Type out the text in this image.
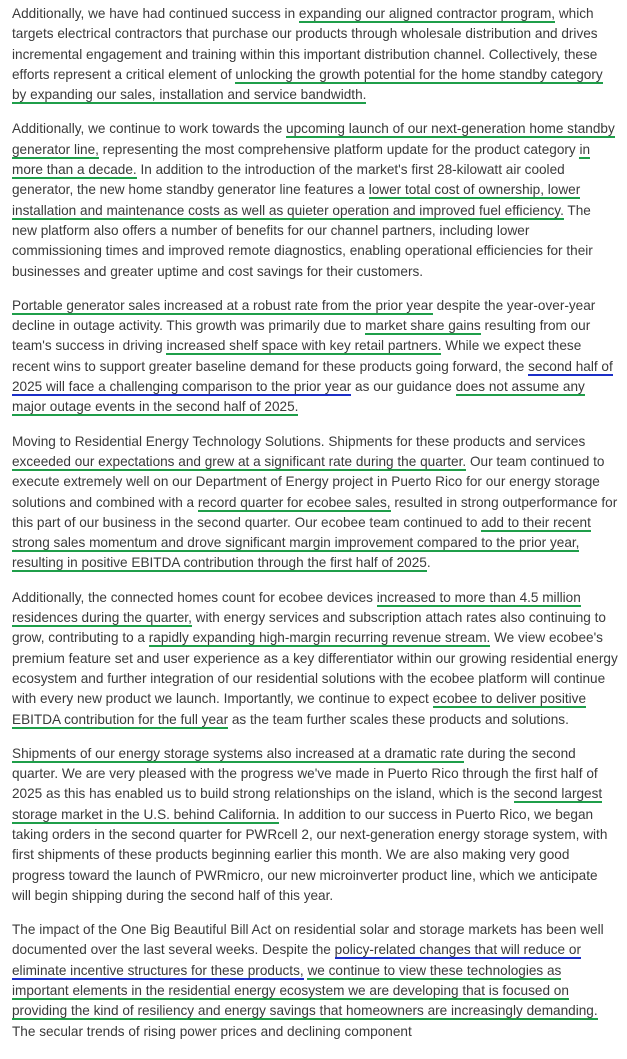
Additionally, we have had continued success in expanding our aligned contractor program, which targets electrical contractors that purchase our products through wholesale distribution and drives incremental engagement and training within this important distribution channel. Collectively, these efforts represent a critical element of unlocking the growth potential for the home standby category by expanding our sales, installation and service bandwidth.

Additionally, we continue to work towards the upcoming launch of our next-generation home standby generator line, representing the most comprehensive platform update for the product category in more than a decade. In addition to the introduction of the market's first 28-kilowatt air cooled generator, the new home standby generator line features a lower total cost of ownership, lower installation and maintenance costs as well as quieter operation and improved fuel efficiency. The new platform also offers a number of benefits for our channel partners, including lower commissioning times and improved remote diagnostics, enabling operational efficiencies for their businesses and greater uptime and cost savings for their customers.

Portable generator sales increased at a robust rate from the prior year despite the year-over-year decline in outage activity. This growth was primarily due to market share gains resulting from our team's success in driving increased shelf space with key retail partners. While we expect these recent wins to support greater baseline demand for these products going forward, the second half of 2025 will face a challenging comparison to the prior year as our guidance does not assume any major outage events in the second half of 2025.

Moving to Residential Energy Technology Solutions. Shipments for these products and services exceeded our expectations and grew at a significant rate during the quarter. Our team continued to execute extremely well on our Department of Energy project in Puerto Rico for our energy storage solutions and combined with a record quarter for ecobee sales, resulted in strong outperformance for this part of our business in the second quarter. Our ecobee team continued to add to their recent strong sales momentum and drove significant margin improvement compared to the prior year, resulting in positive EBITDA contribution through the first half of 2025.

Additionally, the connected homes count for ecobee devices increased to more than 4.5 million residences during the quarter, with energy services and subscription attach rates also continuing to grow, contributing to a rapidly expanding high-margin recurring revenue stream. We view ecobee's premium feature set and user experience as a key differentiator within our growing residential energy ecosystem and further integration of our residential solutions with the ecobee platform will continue with every new product we launch. Importantly, we continue to expect ecobee to deliver positive EBITDA contribution for the full year as the team further scales these products and solutions.

Shipments of our energy storage systems also increased at a dramatic rate during the second quarter. We are very pleased with the progress we've made in Puerto Rico through the first half of 2025 as this has enabled us to build strong relationships on the island, which is the second largest storage market in the U.S. behind California. In addition to our success in Puerto Rico, we began taking orders in the second quarter for PWRcell 2, our next-generation energy storage system, with first shipments of these products beginning earlier this month. We are also making very good progress toward the launch of PWRmicro, our new microinverter product line, which we anticipate will begin shipping during the second half of this year.

The impact of the One Big Beautiful Bill Act on residential solar and storage markets has been well documented over the last several weeks. Despite the policy-related changes that will reduce or eliminate incentive structures for these products, we continue to view these technologies as important elements in the residential energy ecosystem we are developing that is focused on providing the kind of resiliency and energy savings that homeowners are increasingly demanding. The secular trends of rising power prices and declining component
